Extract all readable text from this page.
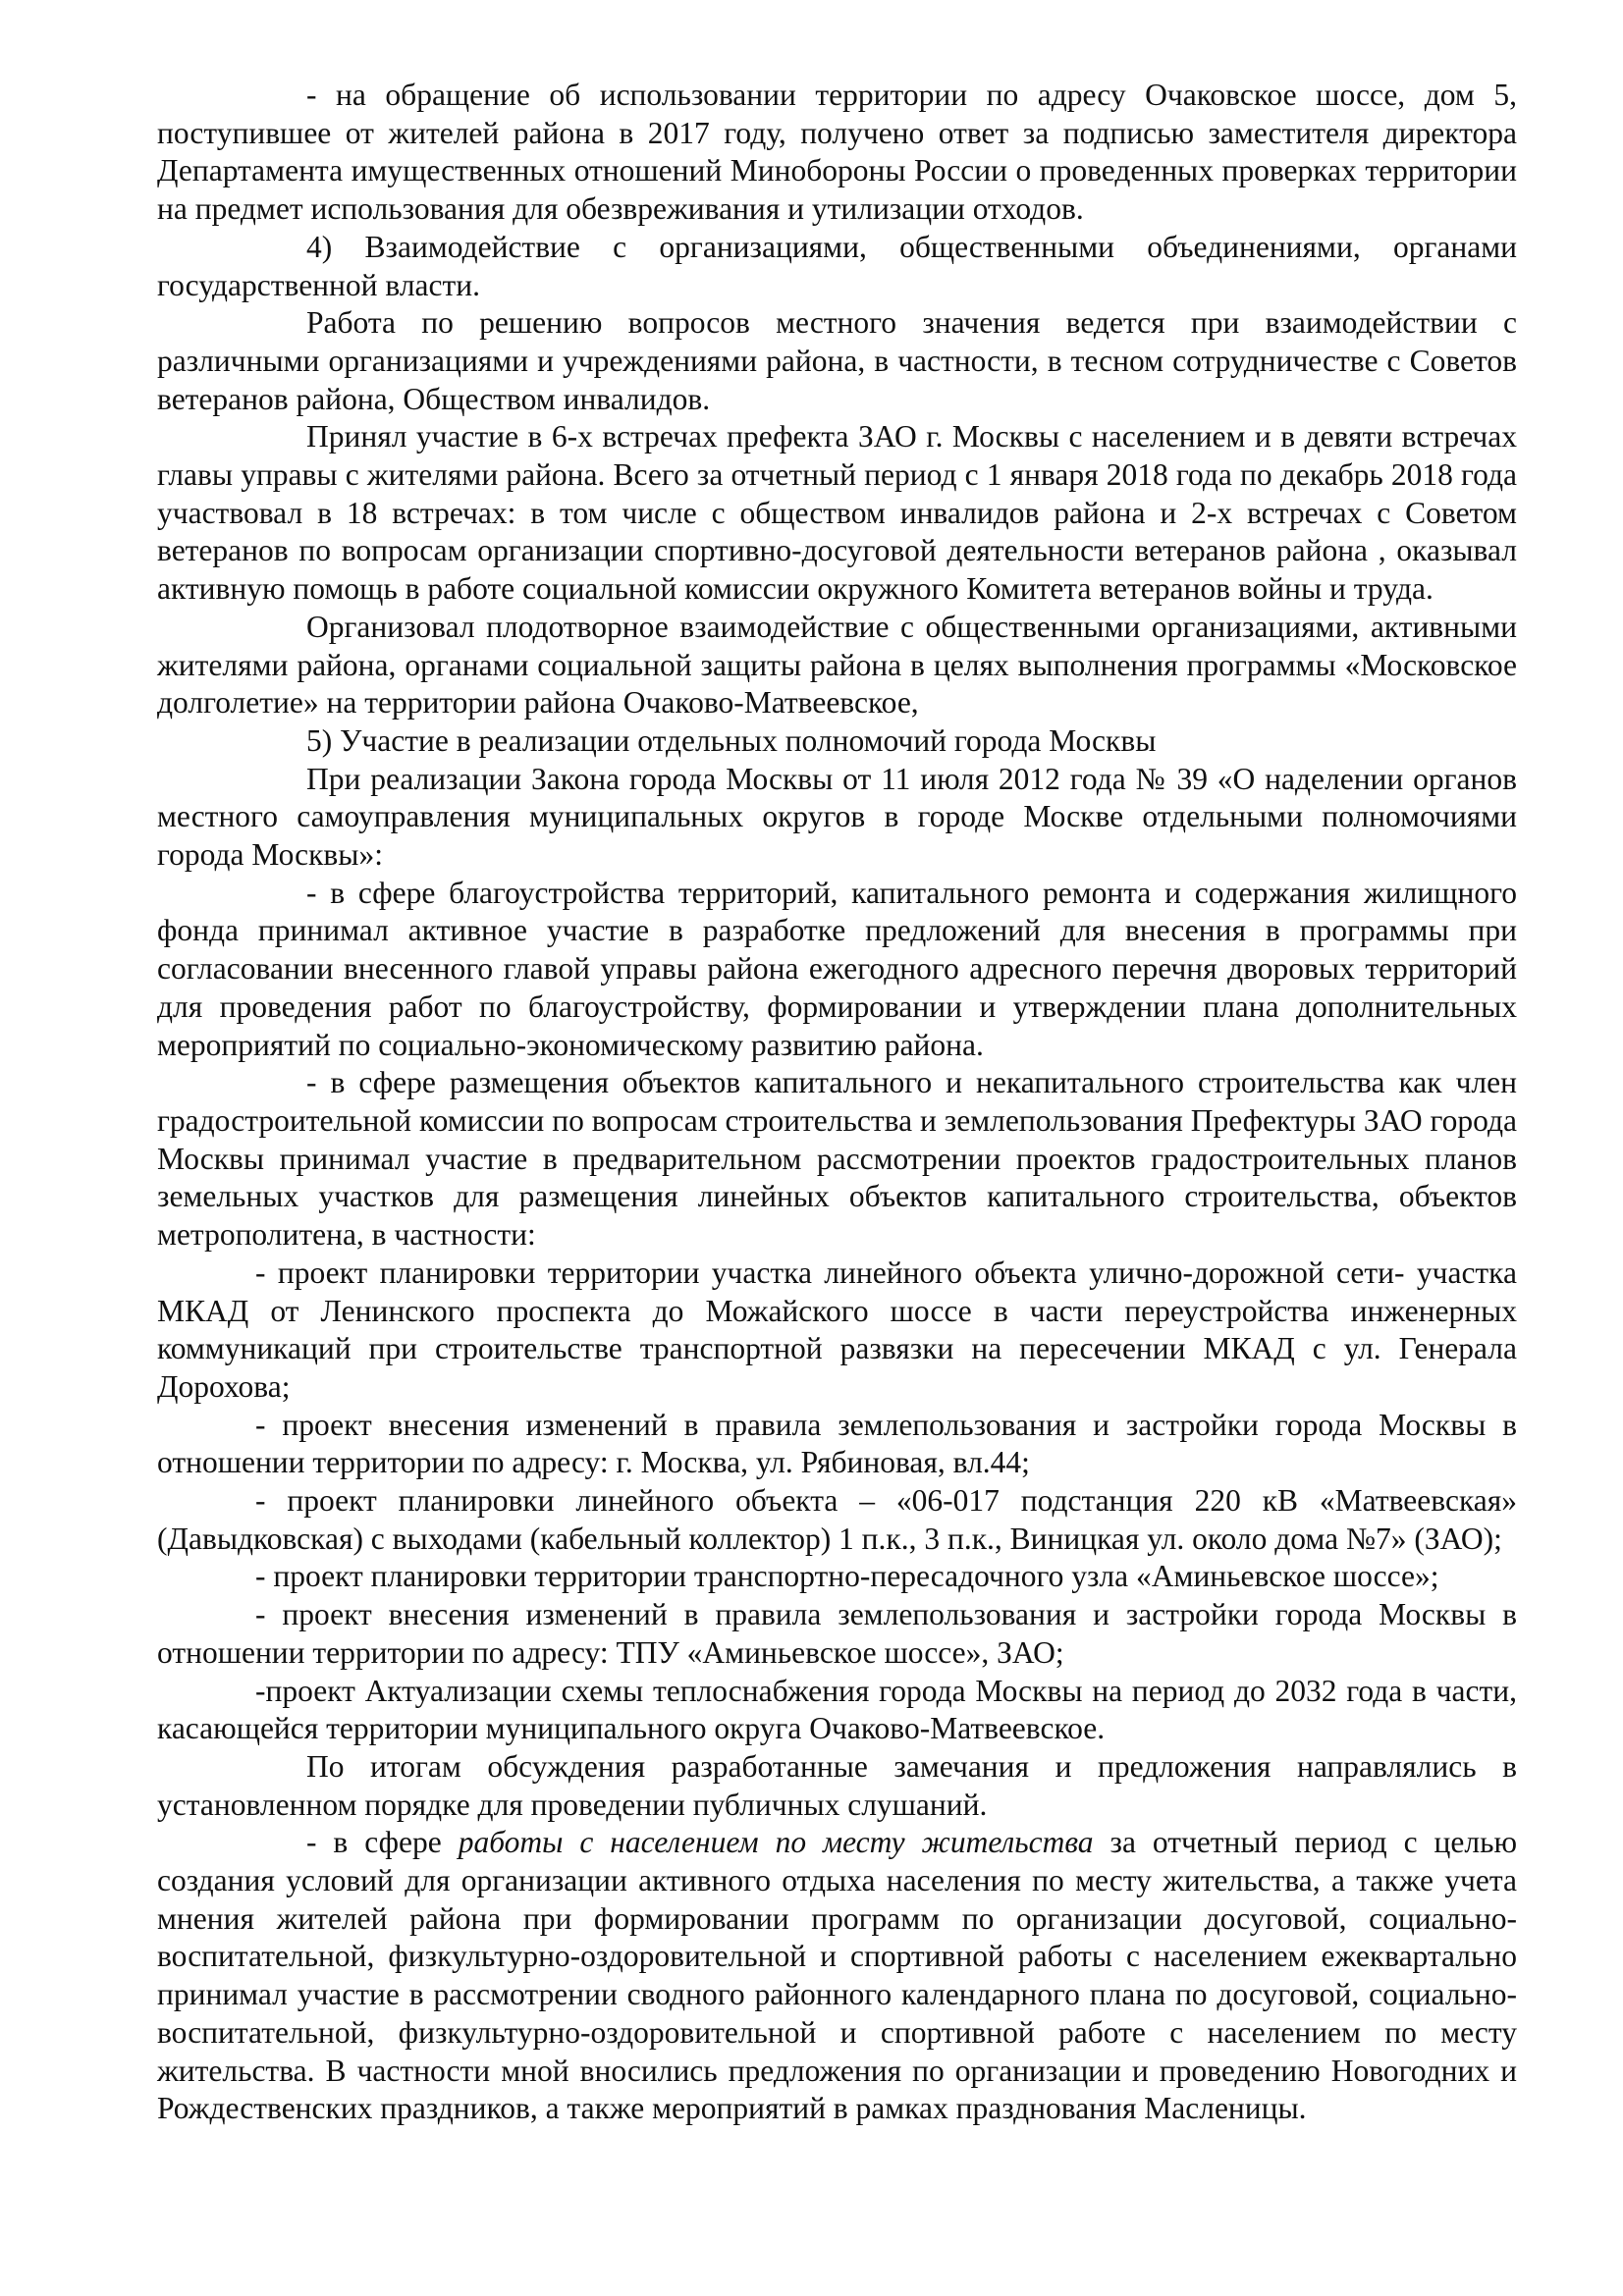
- на обращение об использовании территории по адресу Очаковское шоссе, дом 5, поступившее от жителей района в 2017 году, получено ответ за подписью заместителя директора Департамента имущественных отношений Минобороны России о проведенных проверках территории на предмет использования для обезвреживания и утилизации отходов.

4) Взаимодействие с организациями, общественными объединениями, органами государственной власти.

Работа по решению вопросов местного значения ведется при взаимодействии с различными организациями и учреждениями района, в частности, в тесном сотрудничестве с Советов ветеранов района, Обществом инвалидов.

Принял участие в 6-х встречах префекта ЗАО г. Москвы с населением и в девяти встречах главы управы с жителями района. Всего за отчетный период с 1 января 2018 года по декабрь 2018 года участвовал в 18 встречах: в том числе с обществом инвалидов района и 2-х встречах с Советом ветеранов по вопросам организации спортивно-досуговой деятельности ветеранов района , оказывал активную помощь в работе социальной комиссии окружного Комитета ветеранов войны и труда.

Организовал плодотворное взаимодействие с общественными организациями, активными жителями района, органами социальной защиты района в целях выполнения программы «Московское долголетие» на территории района Очаково-Матвеевское,

5) Участие в реализации отдельных полномочий города Москвы

При реализации Закона города Москвы от 11 июля 2012 года № 39 «О наделении органов местного самоуправления муниципальных округов в городе Москве отдельными полномочиями города Москвы»:

- в сфере благоустройства территорий, капитального ремонта и содержания жилищного фонда принимал активное участие в разработке предложений для внесения в программы при согласовании внесенного главой управы района ежегодного адресного перечня дворовых территорий для проведения работ по благоустройству, формировании и утверждении плана дополнительных мероприятий по социально-экономическому развитию района.

- в сфере размещения объектов капитального и некапитального строительства как член градостроительной комиссии по вопросам строительства и землепользования Префектуры ЗАО города Москвы принимал участие в предварительном рассмотрении проектов градостроительных планов земельных участков для размещения линейных объектов капитального строительства, объектов метрополитена, в частности:

- проект планировки территории участка линейного объекта улично-дорожной сети- участка МКАД от Ленинского проспекта до Можайского шоссе в части переустройства инженерных коммуникаций при строительстве транспортной развязки на пересечении МКАД с ул. Генерала Дорохова;

- проект внесения изменений в правила землепользования и застройки города Москвы в отношении территории по адресу: г. Москва, ул. Рябиновая, вл.44;

- проект планировки линейного объекта – «06-017 подстанция 220 кВ «Матвеевская» (Давыдковская) с выходами (кабельный коллектор) 1 п.к., 3 п.к., Виницкая ул. около дома №7» (ЗАО);

- проект планировки территории транспортно-пересадочного узла «Аминьевское шоссе»;

- проект внесения изменений в правила землепользования и застройки города Москвы в отношении территории по адресу: ТПУ «Аминьевское шоссе», ЗАО;

-проект Актуализации схемы теплоснабжения города Москвы на период до 2032 года в части, касающейся территории муниципального округа Очаково-Матвеевское.

По итогам обсуждения разработанные замечания и предложения направлялись в установленном порядке для проведении публичных слушаний.

- в сфере работы с населением по месту жительства за отчетный период с целью создания условий для организации активного отдыха населения по месту жительства, а также учета мнения жителей района при формировании программ по организации досуговой, социально-воспитательной, физкультурно-оздоровительной и спортивной работы с населением ежеквартально принимал участие в рассмотрении сводного районного календарного плана по досуговой, социально-воспитательной, физкультурно-оздоровительной и спортивной работе с населением по месту жительства. В частности мной вносились предложения по организации и проведению Новогодних и Рождественских праздников, а также мероприятий в рамках празднования Масленицы.
